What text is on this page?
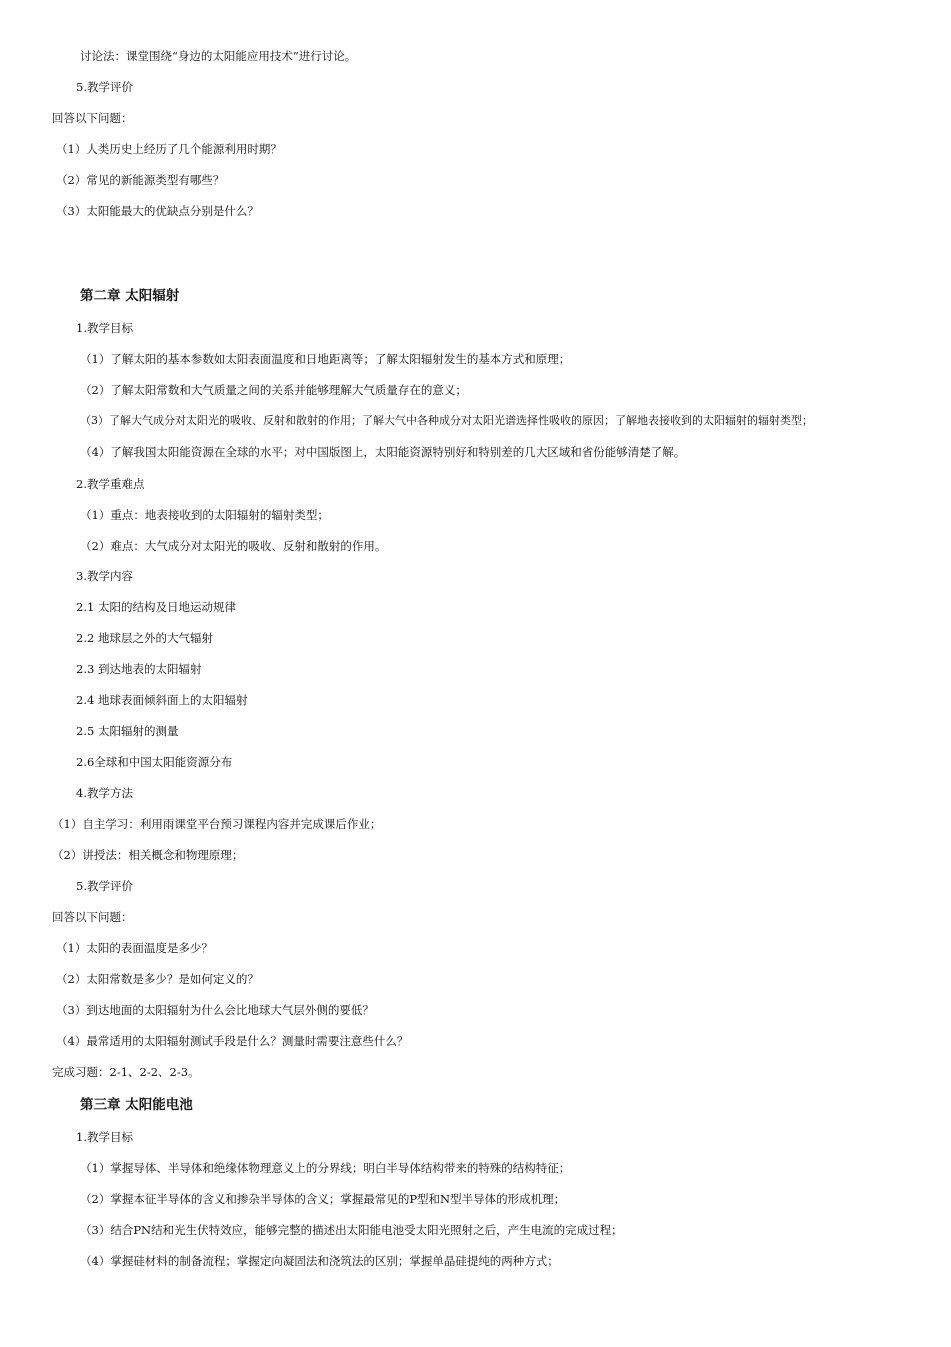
讨论法：课堂围绕“身边的太阳能应用技术”进行讨论。
5.教学评价
回答以下问题：
（1）人类历史上经历了几个能源利用时期？
（2）常见的新能源类型有哪些？
（3）太阳能最大的优缺点分别是什么？
第二章 太阳辐射
1.教学目标
（1）了解太阳的基本参数如太阳表面温度和日地距离等；了解太阳辐射发生的基本方式和原理；
（2）了解太阳常数和大气质量之间的关系并能够理解大气质量存在的意义；
（3）了解大气成分对太阳光的吸收、反射和散射的作用；了解大气中各种成分对太阳光谱选择性吸收的原因；了解地表接收到的太阳辐射的辐射类型；
（4）了解我国太阳能资源在全球的水平；对中国版图上，太阳能资源特别好和特别差的几大区域和省份能够清楚了解。
2.教学重难点
（1）重点：地表接收到的太阳辐射的辐射类型；
（2）难点：大气成分对太阳光的吸收、反射和散射的作用。
3.教学内容
2.1 太阳的结构及日地运动规律
2.2 地球层之外的大气辐射
2.3 到达地表的太阳辐射
2.4 地球表面倾斜面上的太阳辐射
2.5 太阳辐射的测量
2.6全球和中国太阳能资源分布
4.教学方法
（1）自主学习：利用雨课堂平台预习课程内容并完成课后作业；
（2）讲授法：相关概念和物理原理；
5.教学评价
回答以下问题：
（1）太阳的表面温度是多少？
（2）太阳常数是多少？是如何定义的？
（3）到达地面的太阳辐射为什么会比地球大气层外侧的要低？
（4）最常适用的太阳辐射测试手段是什么？测量时需要注意些什么？
完成习题：2-1、2-2、2-3。
第三章 太阳能电池
1.教学目标
（1）掌握导体、半导体和绝缘体物理意义上的分界线；明白半导体结构带来的特殊的结构特征；
（2）掌握本征半导体的含义和掺杂半导体的含义；掌握最常见的P型和N型半导体的形成机理；
（3）结合PN结和光生伏特效应，能够完整的描述出太阳能电池受太阳光照射之后，产生电流的完成过程；
（4）掌握硅材料的制备流程；掌握定向凝固法和浇筑法的区别；掌握单晶硅提纯的两种方式；
